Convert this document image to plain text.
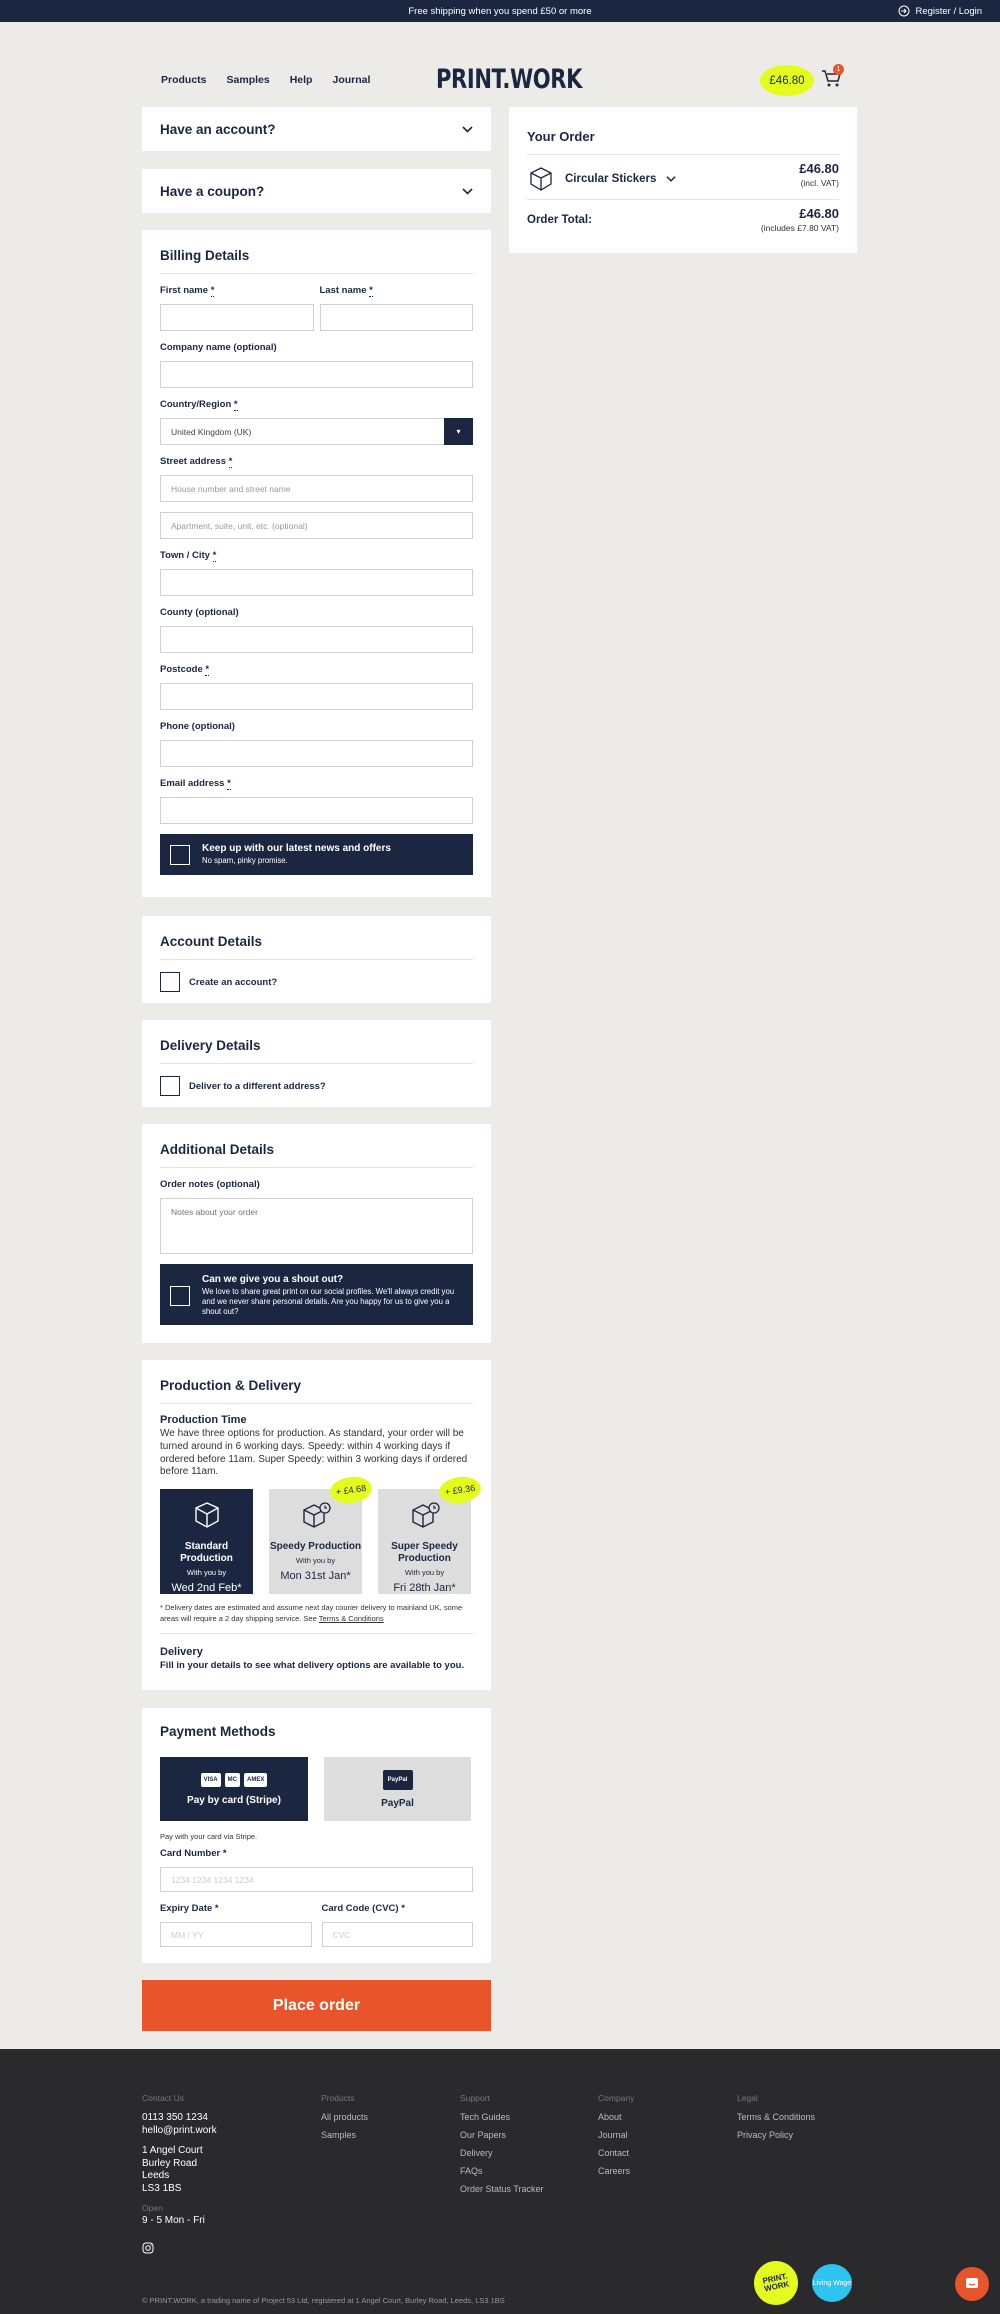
Free shipping when you spend £50 or more	Register / Login
Products Samples Help Journal PRINT.WORK	£46.80
1
Have an account?
Have a coupon?
Billing Details
First name *	Last name *
Company name (optional)
Country/Region *
United Kingdom (UK)	▾
Street address *
House number and street name
Apartment, suite, unit, etc. (optional)
Town / City *
County (optional)
Postcode *
Phone (optional)
Email address *
Keep up with our latest news and offers
No spam, pinky promise.
Account Details
Create an account?
Delivery Details
Deliver to a different address?
Additional Details
Order notes (optional)
Notes about your order
Can we give you a shout out?
We love to share great print on our social profiles. We'll always credit you and we never share personal details. Are you happy for us to give you a shout out?
Production & Delivery
Production Time
We have three options for production. As standard, your order will be turned around in 6 working days. Speedy: within 4 working days if ordered before 11am. Super Speedy: within 3 working days if ordered before 11am.
Standard Production
With you by
Wed 2nd Feb*
+ £4.68
Speedy Production
With you by
Mon 31st Jan*
+ £9.36
Super Speedy Production
With you by
Fri 28th Jan*
* Delivery dates are estimated and assume next day courier delivery to mainland UK, some areas will require a 2 day shipping service. See Terms & Conditions
Delivery
Fill in your details to see what delivery options are available to you.
Payment Methods
VISA	MC	AMEX
Pay by card (Stripe)
PayPal
PayPal
Pay with your card via Stripe.
Card Number *
1234 1234 1234 1234
Expiry Date *
MM / YY
Card Code (CVC) *
CVC
Place order
Your Order
Circular Stickers
£46.80
(incl. VAT)
Order Total:	£46.80
(includes £7.80 VAT)
Contact Us
0113 350 1234
hello@print.work
1 Angel Court
Burley Road
Leeds
LS3 1BS
Open
9 - 5 Mon - Fri
Products
All products
Samples
Support
Tech Guides
Our Papers
Delivery
FAQs
Order Status Tracker
Company
About
Journal
Contact
Careers
Legal
Terms & Conditions
Privacy Policy
PRINT. WORK	Living Wage
© PRINT.WORK, a trading name of Project 53 Ltd, registered at 1 Angel Court, Burley Road, Leeds, LS3 1BS
